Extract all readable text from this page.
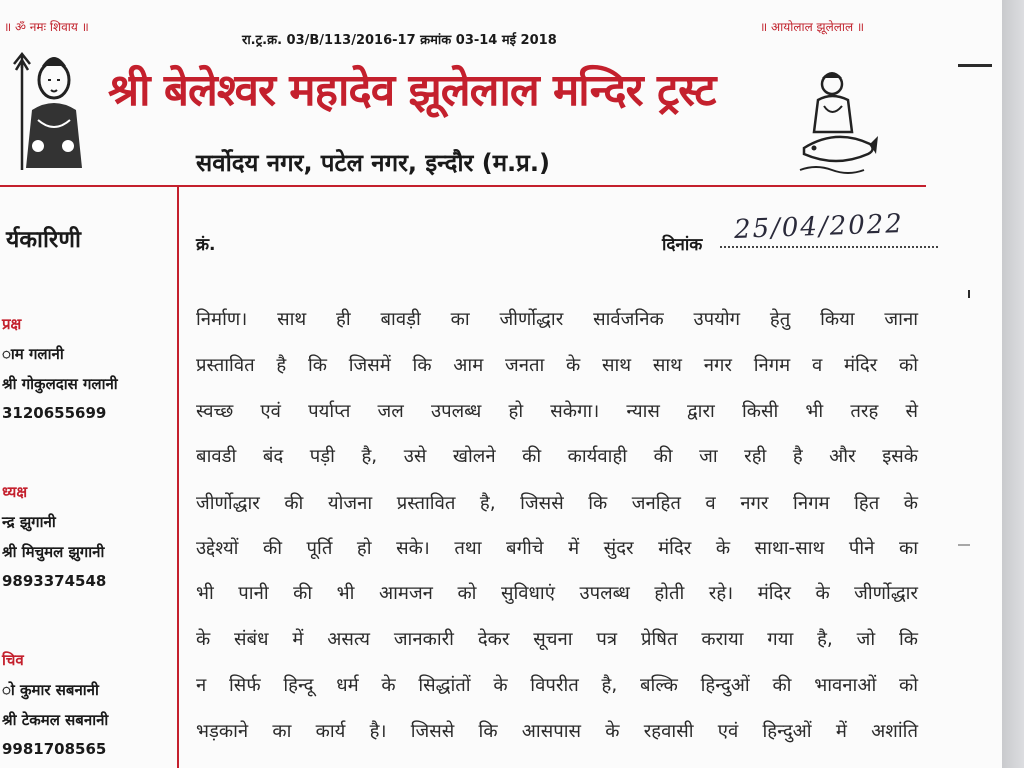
॥ ॐ नमः शिवाय ॥
रा.ट्र.क्र. 03/B/113/2016-17 क्रमांक 03-14 मई 2018
॥ आयोलाल झूलेलाल ॥
श्री बेलेश्वर महादेव झूलेलाल मन्दिर ट्रस्ट
सर्वोदय नगर, पटेल नगर, इन्दौर (म.प्र.)
र्यकारिणी
प्रक्ष
ाम गलानी
श्री गोकुलदास गलानी
3120655699
ध्यक्ष
न्द्र झुगानी
श्री मिचुमल झुगानी
9893374548
चिव
ो कुमार सबनानी
श्री टेकमल सबनानी
9981708565
क्रं.	दिनांक
25/04/2022
निर्माण। साथ ही बावड़ी का जीर्णोद्धार सार्वजनिक उपयोग हेतु किया जाना
प्रस्तावित है कि जिसमें कि आम जनता के साथ साथ नगर निगम व मंदिर को
स्वच्छ एवं पर्याप्त जल उपलब्ध हो सकेगा। न्यास द्वारा किसी भी तरह से
बावडी बंद पड़ी है, उसे खोलने की कार्यवाही की जा रही है और इसके
जीर्णोद्धार की योजना प्रस्तावित है, जिससे कि जनहित व नगर निगम हित के
उद्देश्यों की पूर्ति हो सके। तथा बगीचे में सुंदर मंदिर के साथा-साथ पीने का
भी पानी की भी आमजन को सुविधाएं उपलब्ध होती रहे। मंदिर के जीर्णोद्धार
के संबंध में असत्य जानकारी देकर सूचना पत्र प्रेषित कराया गया है, जो कि
न सिर्फ हिन्दू धर्म के सिद्धांतों के विपरीत है, बल्कि हिन्दुओं की भावनाओं को
भड़काने का कार्य है। जिससे कि आसपास के रहवासी एवं हिन्दुओं में अशांति
